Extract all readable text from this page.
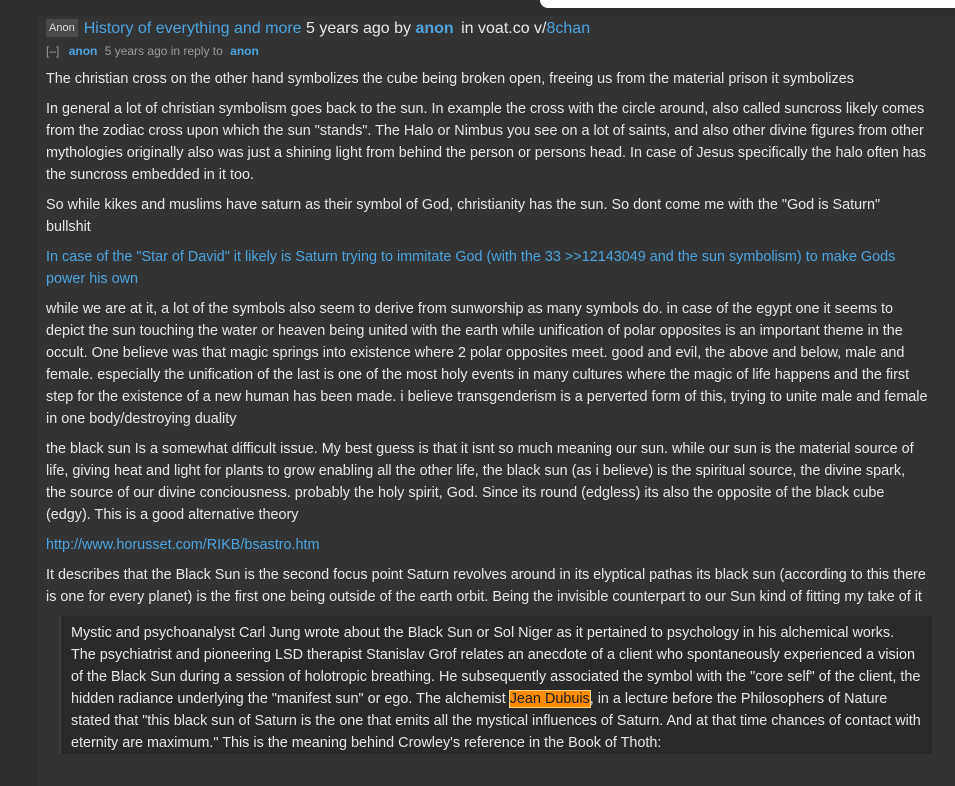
Anon History of everything and more 5 years ago by anon in voat.co v/8chan
[–] anon 5 years ago in reply to anon

The christian cross on the other hand symbolizes the cube being broken open, freeing us from the material prison it symbolizes

In general a lot of christian symbolism goes back to the sun. In example the cross with the circle around, also called suncross likely comes from the zodiac cross upon which the sun "stands". The Halo or Nimbus you see on a lot of saints, and also other divine figures from other mythologies originally also was just a shining light from behind the person or persons head. In case of Jesus specifically the halo often has the suncross embedded in it too.

So while kikes and muslims have saturn as their symbol of God, christianity has the sun. So dont come me with the "God is Saturn" bullshit

In case of the "Star of David" it likely is Saturn trying to immitate God (with the 33 >>12143049 and the sun symbolism) to make Gods power his own

while we are at it, a lot of the symbols also seem to derive from sunworship as many symbols do. in case of the egypt one it seems to depict the sun touching the water or heaven being united with the earth while unification of polar opposites is an important theme in the occult. One believe was that magic springs into existence where 2 polar opposites meet. good and evil, the above and below, male and female. especially the unification of the last is one of the most holy events in many cultures where the magic of life happens and the first step for the existence of a new human has been made. i believe transgenderism is a perverted form of this, trying to unite male and female in one body/destroying duality

the black sun Is a somewhat difficult issue. My best guess is that it isnt so much meaning our sun. while our sun is the material source of life, giving heat and light for plants to grow enabling all the other life, the black sun (as i believe) is the spiritual source, the divine spark, the source of our divine conciousness. probably the holy spirit, God. Since its round (edgless) its also the opposite of the black cube (edgy). This is a good alternative theory

http://www.horusset.com/RIKB/bsastro.htm

It describes that the Black Sun is the second focus point Saturn revolves around in its elyptical pathas its black sun (according to this there is one for every planet) is the first one being outside of the earth orbit. Being the invisible counterpart to our Sun kind of fitting my take of it

Mystic and psychoanalyst Carl Jung wrote about the Black Sun or Sol Niger as it pertained to psychology in his alchemical works. The psychiatrist and pioneering LSD therapist Stanislav Grof relates an anecdote of a client who spontaneously experienced a vision of the Black Sun during a session of holotropic breathing. He subsequently associated the symbol with the "core self" of the client, the hidden radiance underlying the "manifest sun" or ego. The alchemist Jean Dubuis, in a lecture before the Philosophers of Nature stated that "this black sun of Saturn is the one that emits all the mystical influences of Saturn. And at that time chances of contact with eternity are maximum." This is the meaning behind Crowley's reference in the Book of Thoth:
